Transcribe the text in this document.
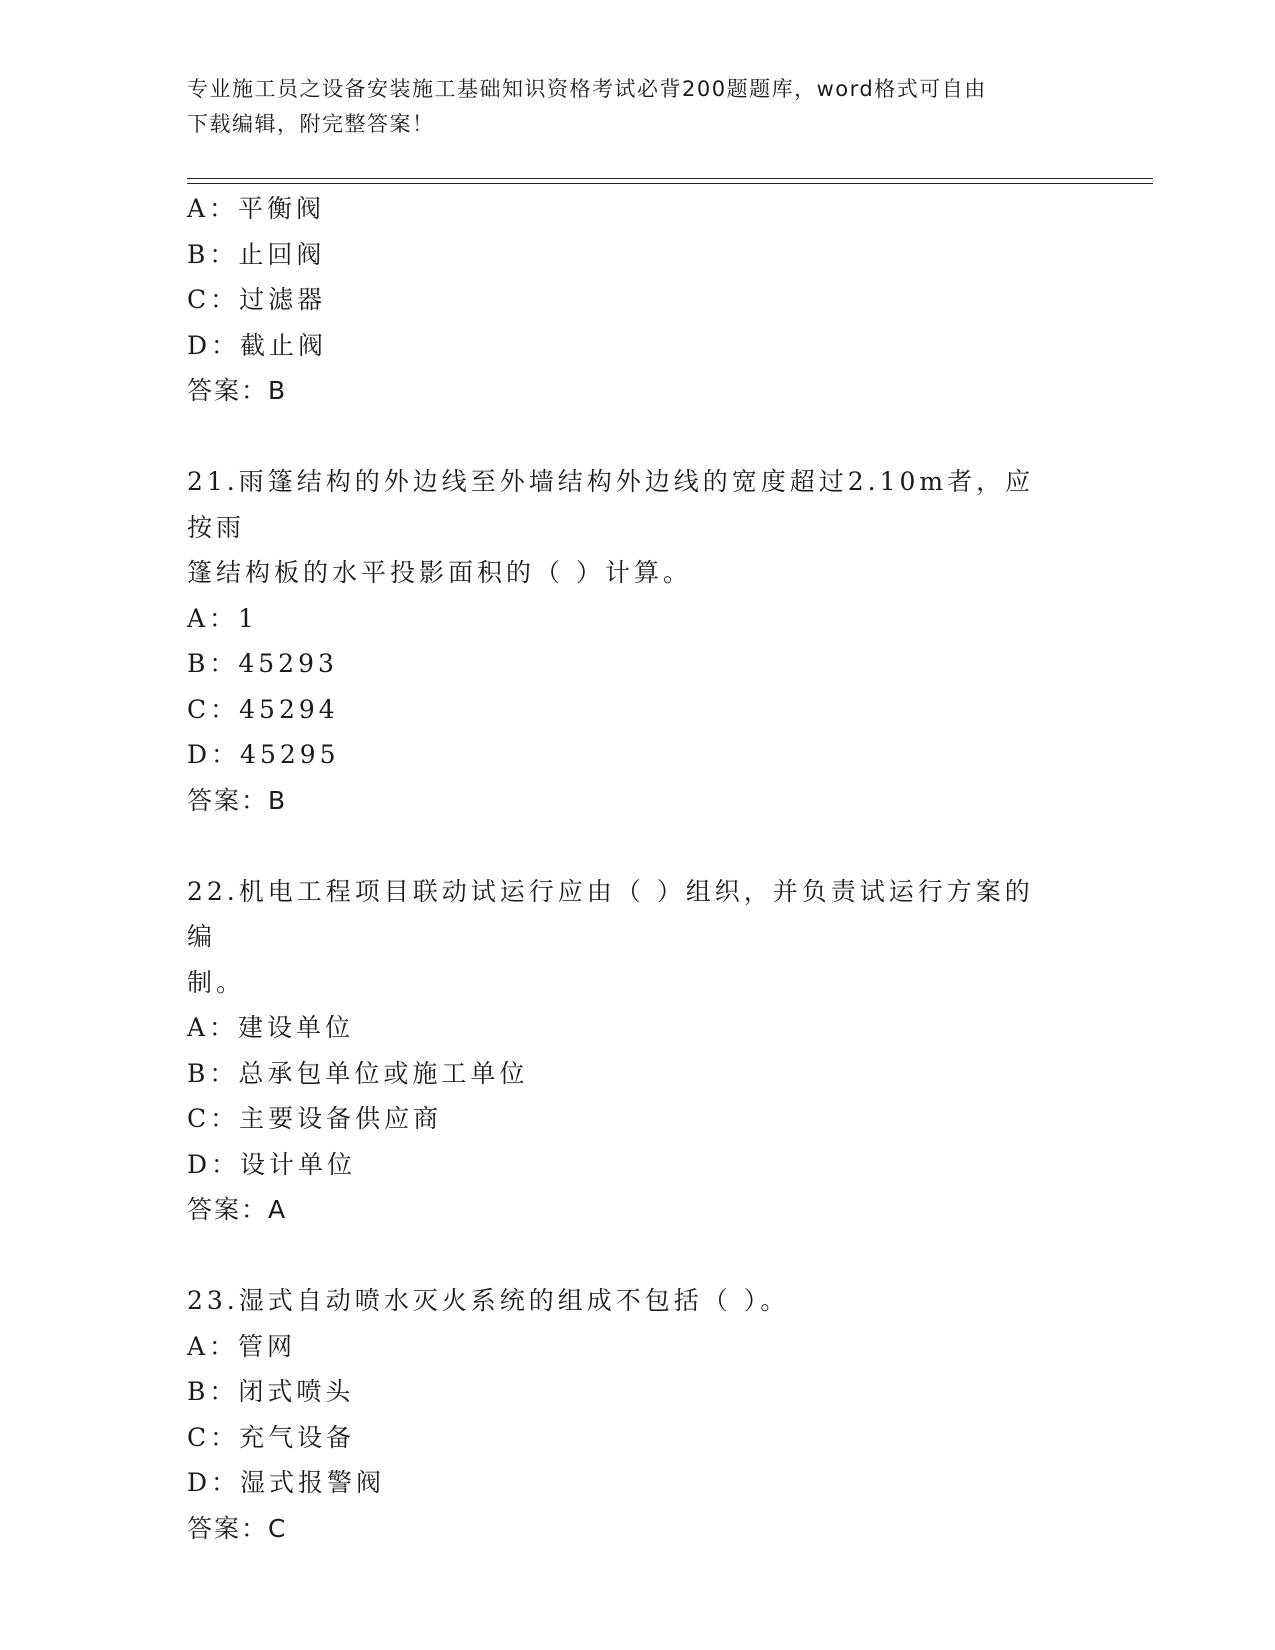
专业施工员之设备安装施工基础知识资格考试必背200题题库，word格式可自由
下载编辑，附完整答案！
A：平衡阀
B：止回阀
C：过滤器
D：截止阀
答案：B
21.雨篷结构的外边线至外墙结构外边线的宽度超过2.10m者，应按雨
篷结构板的水平投影面积的（ ）计算。
A：1
B：45293
C：45294
D：45295
答案：B
22.机电工程项目联动试运行应由（ ）组织，并负责试运行方案的编
制。
A：建设单位
B：总承包单位或施工单位
C：主要设备供应商
D：设计单位
答案：A
23.湿式自动喷水灭火系统的组成不包括（ ）。
A：管网
B：闭式喷头
C：充气设备
D：湿式报警阀
答案：C
